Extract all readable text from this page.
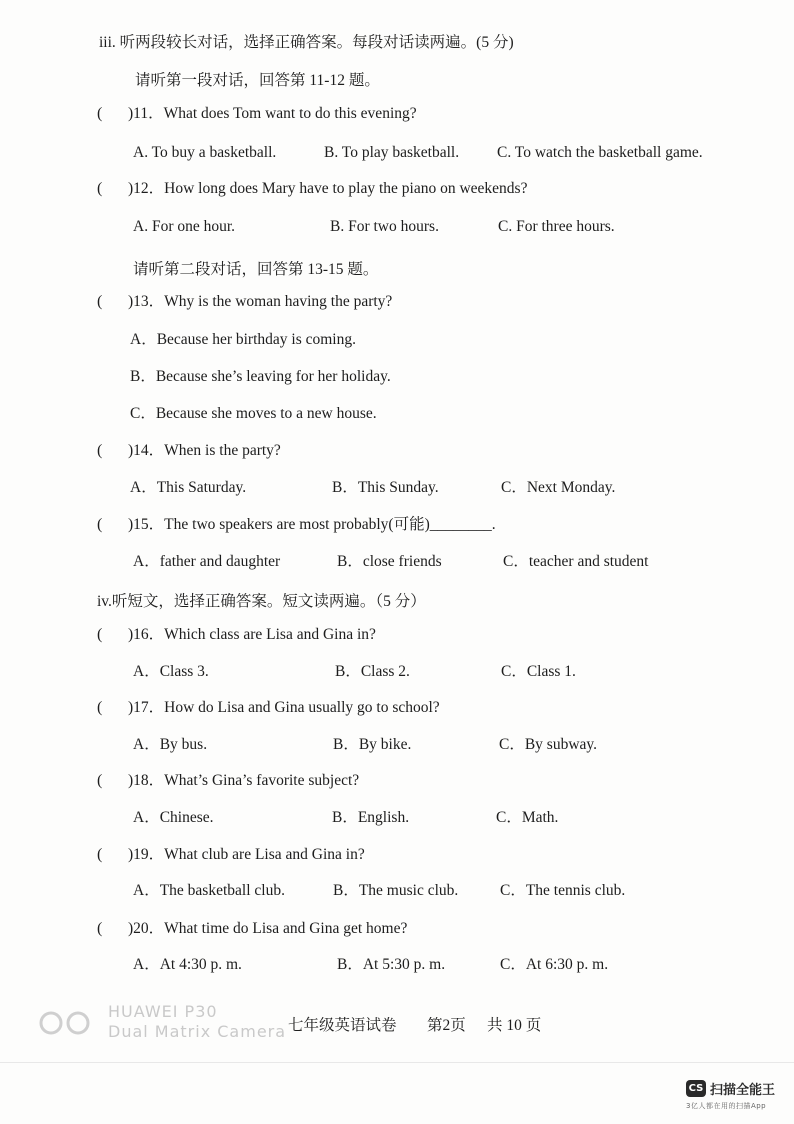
iii. 听两段较长对话，选择正确答案。每段对话读两遍。(5 分)
请听第一段对话，回答第 11-12 题。
( )11．What does Tom want to do this evening?
A. To buy a basketball.	B. To play basketball. C. To watch the basketball game.
( )12．How long does Mary have to play the piano on weekends?
A. For one hour.	B. For two hours.	C. For three hours.
请听第二段对话，回答第 13-15 题。
( )13．Why is the woman having the party?
A．Because her birthday is coming.
B．Because she’s leaving for her holiday.
C．Because she moves to a new house.
( )14．When is the party?
A．This Saturday.	B．This Sunday.	C．Next Monday.
( )15．The two speakers are most probably(可能)________.
A．father and daughter	B．close friends	C．teacher and student
iv.听短文，选择正确答案。短文读两遍。（5 分）
( )16．Which class are Lisa and Gina in?
A．Class 3.	B．Class 2.	C．Class 1.
( )17．How do Lisa and Gina usually go to school?
A．By bus.	B．By bike.	C．By subway.
( )18．What’s Gina’s favorite subject?
A．Chinese.	B．English.	C．Math.
( )19．What club are Lisa and Gina in?
A．The basketball club.	B．The music club.	C．The tennis club.
( )20．What time do Lisa and Gina get home?
A．At 4:30 p. m.	B．At 5:30 p. m.	C．At 6:30 p. m.
HUAWEI P30
Dual Matrix Camera 七年级英语试卷 第2页 共 10 页
CS 扫描全能王
3亿人都在用的扫描App
